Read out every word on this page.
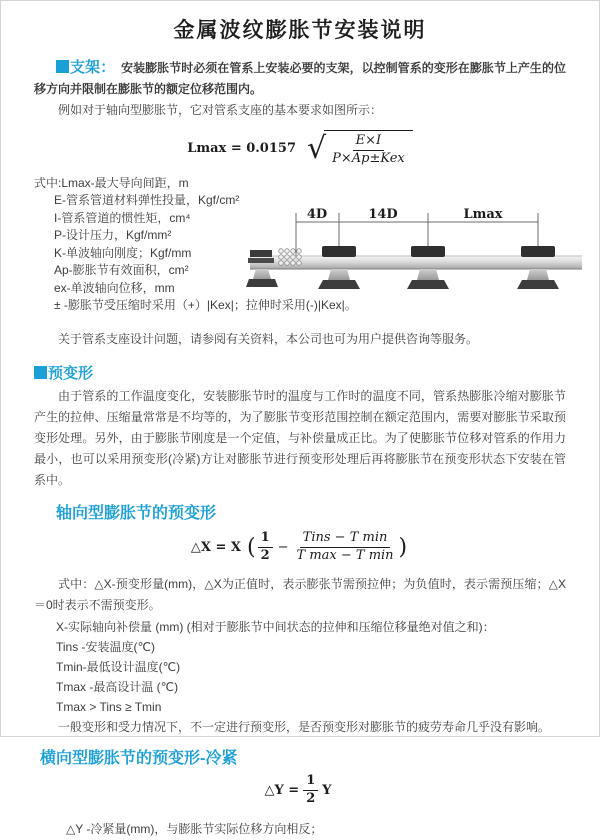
金属波纹膨胀节安装说明

支架： 安装膨胀节时必须在管系上安装必要的支架，以控制管系的变形在膨胀节上产生的位移方向并限制在膨胀节的额定位移范围内。

例如对于轴向型膨胀节，它对管系支座的基本要求如图所示：

Lmax = 0.0157 √ $\frac{E\times I}{\text{P×Ap±Kex}}$
式中:Lmax-最大导向间距，m
E-管系管道材料弹性投量，Kgf/cm²
I-管系管道的惯性矩，cm⁴
P-设计压力，Kgf/mm²
K-单波轴向刚度；Kgf/mm
Ap-膨胀节有效面积，cm²
ex-单波轴向位移，mm
± -膨胀节受压缩时采用（+）|Kex|；拉伸时采用(-)|Kex|。
4D	14D	Lmax

关于管系支座设计问题，请参阅有关资料，本公司也可为用户提供咨询等服务。

预变形

由于管系的工作温度变化，安装膨胀节时的温度与工作时的温度不同，管系热膨胀冷缩对膨胀节产生的拉伸、压缩量常常是不均等的，为了膨胀节变形范围控制在额定范围内，需要对膨胀节采取预变形处理。另外，由于膨胀节刚度是一个定值，与补偿量成正比。为了使膨胀节位移对管系的作用力最小，也可以采用预变形(冷紧)方让对膨胀节进行预变形处理后再将膨胀节在预变形状态下安装在管系中。

轴向型膨胀节的预变形
△X = X ( $\frac{1}{2} - \frac{\text{Tins − T min}}{\text{T max − T min}}$ )

式中：△X-预变形量(mm)，△X为正值时，表示膨张节需预拉伸；为负值时，表示需预压缩；△X＝0时表示不需预变形。

X-实际轴向补偿量 (mm) (相对于膨胀节中间状态的拉伸和压缩位移量绝对值之和)：
Tins -安装温度(℃)
Tmin-最低设计温度(℃)
Tmax -最高设计温 (℃)
Tmax > Tins ≥ Tmin
一般变形和受力情况下，不一定进行预变形，是否预变形对膨胀节的疲劳寿命几乎没有影响。
横向型膨胀节的预变形-冷紧
△Y = $\frac{1}{2}$ Y

△Y -冷紧量(mm)，与膨胀节实际位移方向相反；
